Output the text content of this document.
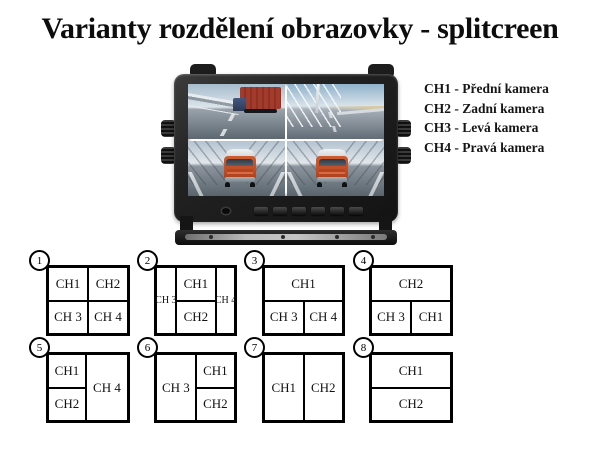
Varianty rozdělení obrazovky - splitcreen
CH1 - Přední kamera
CH2 - Zadní kamera
CH3 - Levá kamera
CH4 - Pravá kamera
1
CH1	CH2
CH 3 CH 4
2
CH 3
CH1
CH2
CH 4
3
CH1
CH 3 CH 4
4
CH2
CH 3	CH1
5
CH1
CH2
CH 4
6
CH 3
CH1
CH2
7
CH1	CH2
8
CH1
CH2
